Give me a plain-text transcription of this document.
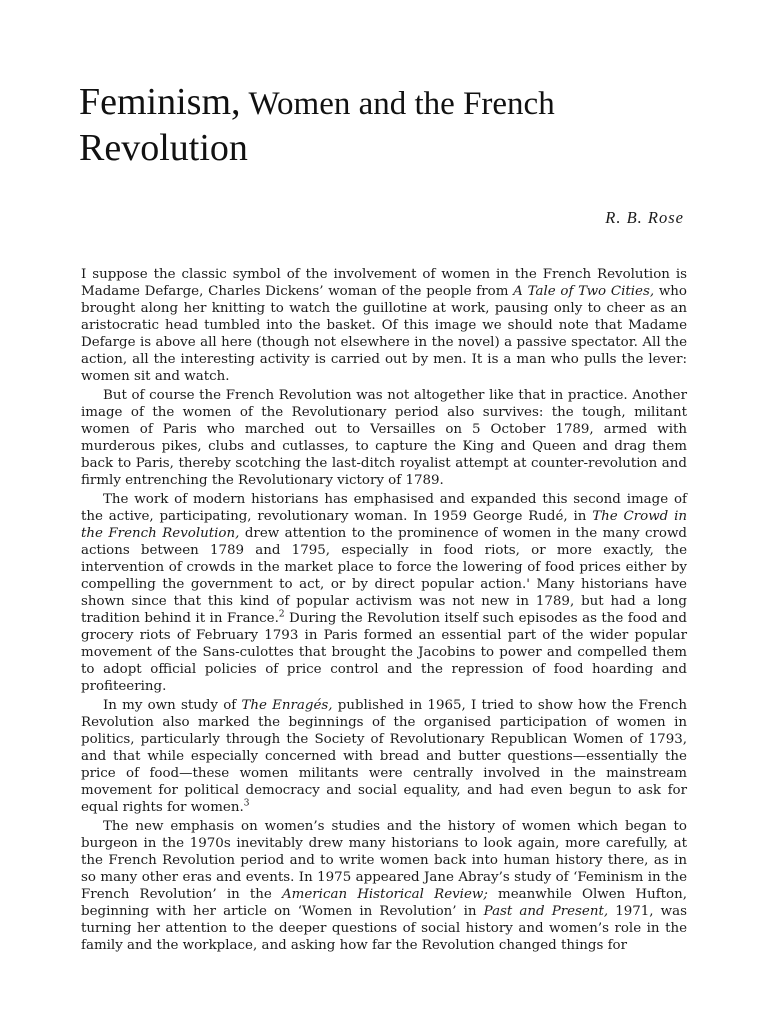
Feminism, Women and the French
Revolution
R. B. Rose

I suppose the classic symbol of the involvement of women in the French Revolution is Madame Defarge, Charles Dickens’ woman of the people from A Tale of Two Cities, who brought along her knitting to watch the guillotine at work, pausing only to cheer as an aristocratic head tumbled into the basket. Of this image we should note that Madame Defarge is above all here (though not elsewhere in the novel) a passive spectator. All the action, all the interesting activity is carried out by men. It is a man who pulls the lever: women sit and watch.

But of course the French Revolution was not altogether like that in practice. Another image of the women of the Revolutionary period also survives: the tough, militant women of Paris who marched out to Versailles on 5 October 1789, armed with murderous pikes, clubs and cutlasses, to capture the King and Queen and drag them back to Paris, thereby scotching the last-ditch royalist attempt at counter-revolution and firmly entrenching the Revolutionary victory of 1789.

The work of modern historians has emphasised and expanded this second image of the active, participating, revolutionary woman. In 1959 George Rudé, in The Crowd in the French Revolution, drew attention to the prominence of women in the many crowd actions between 1789 and 1795, especially in food riots, or more exactly, the intervention of crowds in the market place to force the lowering of food prices either by compelling the government to act, or by direct popular action.' Many historians have shown since that this kind of popular activism was not new in 1789, but had a long tradition behind it in France.$^2$ During the Revolution itself such episodes as the food and grocery riots of February 1793 in Paris formed an essential part of the wider popular movement of the Sans-culottes that brought the Jacobins to power and compelled them to adopt official policies of price control and the repression of food hoarding and profiteering.

In my own study of The Enragés, published in 1965, I tried to show how the French Revolution also marked the beginnings of the organised participation of women in politics, particularly through the Society of Revolutionary Republican Women of 1793, and that while especially concerned with bread and butter questions—essentially the price of food—these women militants were centrally involved in the mainstream movement for political democracy and social equality, and had even begun to ask for equal rights for women.$^3$

The new emphasis on women’s studies and the history of women which began to burgeon in the 1970s inevitably drew many historians to look again, more carefully, at the French Revolution period and to write women back into human history there, as in so many other eras and events. In 1975 appeared Jane Abray’s study of ‘Feminism in the French Revolution’ in the American Historical Review; meanwhile Olwen Hufton, beginning with her article on ‘Women in Revolution’ in Past and Present, 1971, was turning her attention to the deeper questions of social history and women’s role in the family and the workplace, and asking how far the Revolution changed things for
